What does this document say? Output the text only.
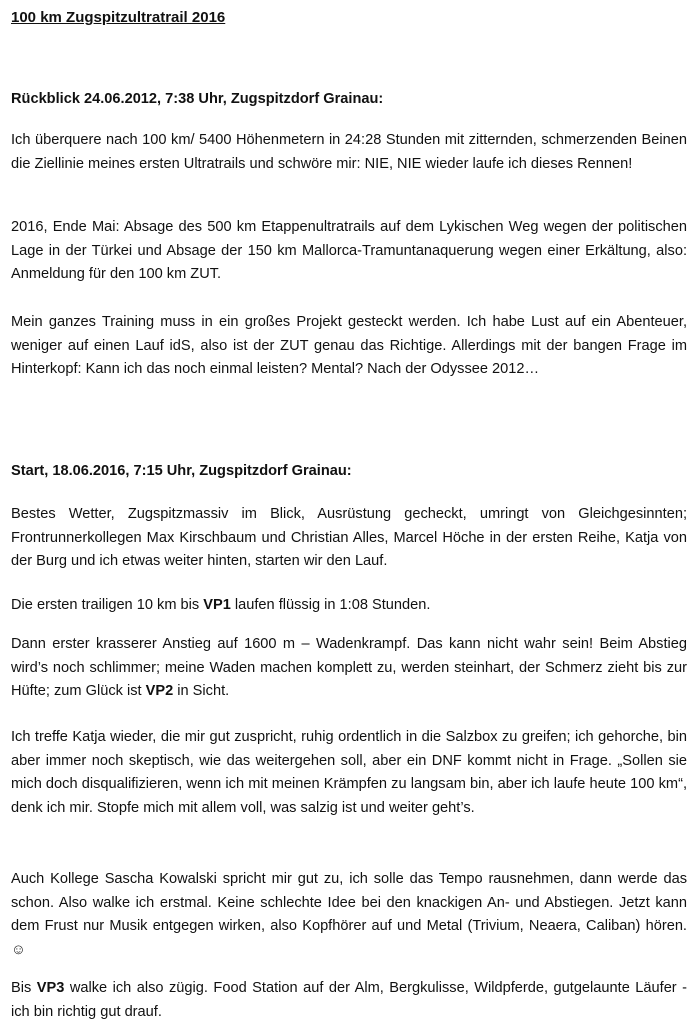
100 km Zugspitzultratrail 2016
Rückblick 24.06.2012, 7:38 Uhr, Zugspitzdorf Grainau:
Ich überquere nach 100 km/ 5400 Höhenmetern in 24:28 Stunden mit zitternden, schmerzenden Beinen die Ziellinie meines ersten Ultratrails und schwöre mir: NIE, NIE wieder laufe ich dieses Rennen!
2016, Ende Mai: Absage des 500 km Etappenultratrails auf dem Lykischen Weg wegen der politischen Lage in der Türkei und Absage der 150 km Mallorca-Tramuntanaquerung wegen einer Erkältung, also: Anmeldung für den 100 km ZUT.
Mein ganzes Training muss in ein großes Projekt gesteckt werden. Ich habe Lust auf ein Abenteuer, weniger auf einen Lauf idS, also ist der ZUT genau das Richtige. Allerdings mit der bangen Frage im Hinterkopf: Kann ich das noch einmal leisten? Mental? Nach der Odyssee 2012…
Start, 18.06.2016, 7:15 Uhr, Zugspitzdorf Grainau:
Bestes Wetter, Zugspitzmassiv im Blick, Ausrüstung gecheckt, umringt von Gleichgesinnten; Frontrunnerkollegen Max Kirschbaum und Christian Alles, Marcel Höche in der ersten Reihe, Katja von der Burg und ich etwas weiter hinten, starten wir den Lauf.
Die ersten trailigen 10 km bis VP1 laufen flüssig in 1:08 Stunden.
Dann erster krasserer Anstieg auf 1600 m – Wadenkrampf. Das kann nicht wahr sein! Beim Abstieg wird’s noch schlimmer; meine Waden machen komplett zu, werden steinhart, der Schmerz zieht bis zur Hüfte; zum Glück ist VP2 in Sicht.
Ich treffe Katja wieder, die mir gut zuspricht, ruhig ordentlich in die Salzbox zu greifen; ich gehorche, bin aber immer noch skeptisch, wie das weitergehen soll, aber ein DNF kommt nicht in Frage. „Sollen sie mich doch disqualifizieren, wenn ich mit meinen Krämpfen zu langsam bin, aber ich laufe heute 100 km“, denk ich mir. Stopfe mich mit allem voll, was salzig ist und weiter geht’s.
Auch Kollege Sascha Kowalski spricht mir gut zu, ich solle das Tempo rausnehmen, dann werde das schon. Also walke ich erstmal. Keine schlechte Idee bei den knackigen An- und Abstiegen. Jetzt kann dem Frust nur Musik entgegen wirken, also Kopfhörer auf und Metal (Trivium, Neaera, Caliban) hören. ☺
Bis VP3 walke ich also zügig. Food Station auf der Alm, Bergkulisse, Wildpferde, gutgelaunte Läufer - ich bin richtig gut drauf.
